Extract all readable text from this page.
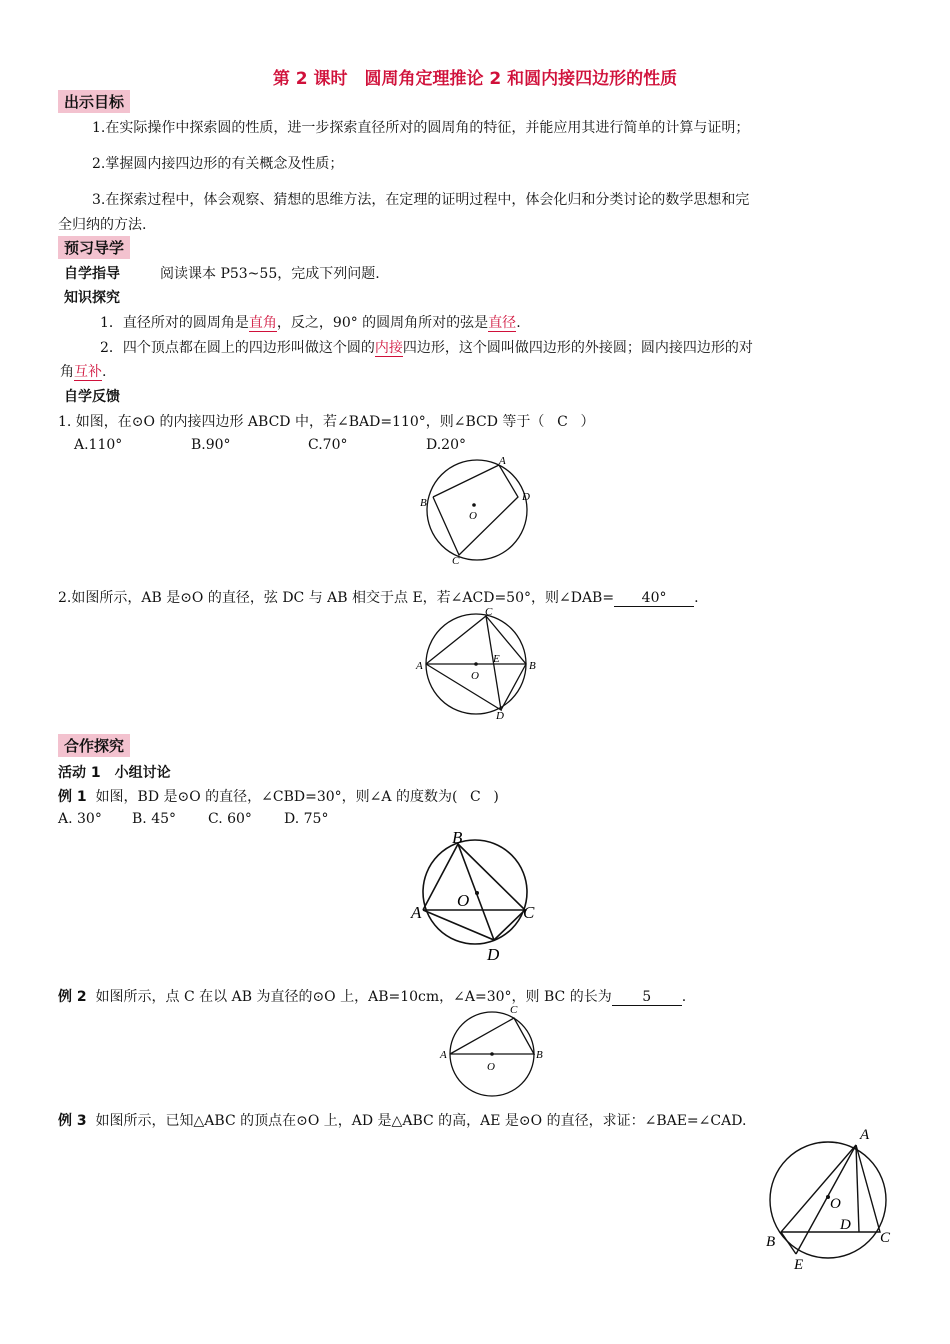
第 2 课时　圆周角定理推论 2 和圆内接四边形的性质
出示目标
1.在实际操作中探索圆的性质，进一步探索直径所对的圆周角的特征，并能应用其进行简单的计算与证明；
2.掌握圆内接四边形的有关概念及性质；
3.在探索过程中，体会观察、猜想的思维方法，在定理的证明过程中，体会化归和分类讨论的数学思想和完
全归纳的方法.
预习导学
自学指导	阅读课本 P53~55，完成下列问题.
知识探究
1．直径所对的圆周角是直角，反之，90° 的圆周角所对的弦是直径.
2．四个顶点都在圆上的四边形叫做这个圆的内接四边形，这个圆叫做四边形的外接圆；圆内接四边形的对
角互补.
自学反馈
1. 如图，在⊙O 的内接四边形 ABCD 中，若∠BAD=110°，则∠BCD 等于（ C ）
A.110°	B.90°	C.70°	D.20°
A
B
C
D
O
2.如图所示，AB 是⊙O 的直径，弦 DC 与 AB 相交于点 E，若∠ACD=50°，则∠DAB= 40° .
A	B
C
D
E
O
合作探究
活动 1　小组讨论
例 1 如图，BD 是⊙O 的直径，∠CBD=30°，则∠A 的度数为( C )
A. 30° B. 45° C. 60° D. 75°
A
B
C
D
O
例 2 如图所示，点 C 在以 AB 为直径的⊙O 上，AB=10cm，∠A=30°，则 BC 的长为 5 .
A	B
C
O
例 3 如图所示，已知△ABC 的顶点在⊙O 上，AD 是△ABC 的高，AE 是⊙O 的直径，求证：∠BAE=∠CAD.
A
B	C
D
E
O
